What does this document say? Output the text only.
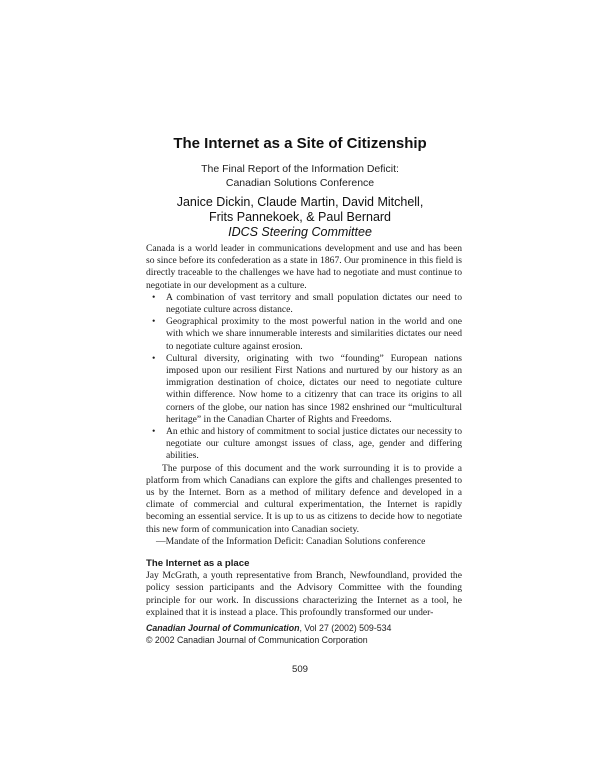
The Internet as a Site of Citizenship
The Final Report of the Information Deficit:
Canadian Solutions Conference
Janice Dickin, Claude Martin, David Mitchell,
Frits Pannekoek, & Paul Bernard
IDCS Steering Committee

Canada is a world leader in communications development and use and has been so since before its confederation as a state in 1867. Our prominence in this field is directly traceable to the challenges we have had to negotiate and must continue to negotiate in our development as a culture.

• A combination of vast territory and small population dictates our need to negotiate culture across distance.
• Geographical proximity to the most powerful nation in the world and one with which we share innumerable interests and similarities dictates our need to negotiate culture against erosion.
• Cultural diversity, originating with two “founding” European nations imposed upon our resilient First Nations and nurtured by our history as an immigration destination of choice, dictates our need to negotiate culture within difference. Now home to a citizenry that can trace its origins to all corners of the globe, our nation has since 1982 enshrined our “multicultural heritage” in the Canadian Charter of Rights and Freedoms.
• An ethic and history of commitment to social justice dictates our necessity to negotiate our culture amongst issues of class, age, gender and differing abilities.

The purpose of this document and the work surrounding it is to provide a platform from which Canadians can explore the gifts and challenges presented to us by the Internet. Born as a method of military defence and developed in a climate of commercial and cultural experimentation, the Internet is rapidly becoming an essential service. It is up to us as citizens to decide how to negotiate this new form of communication into Canadian society.

—Mandate of the Information Deficit: Canadian Solutions conference

The Internet as a place

Jay McGrath, a youth representative from Branch, Newfoundland, provided the policy session participants and the Advisory Committee with the founding principle for our work. In discussions characterizing the Internet as a tool, he explained that it is instead a place. This profoundly transformed our under-

Canadian Journal of Communication, Vol 27 (2002) 509-534
© 2002 Canadian Journal of Communication Corporation
509
